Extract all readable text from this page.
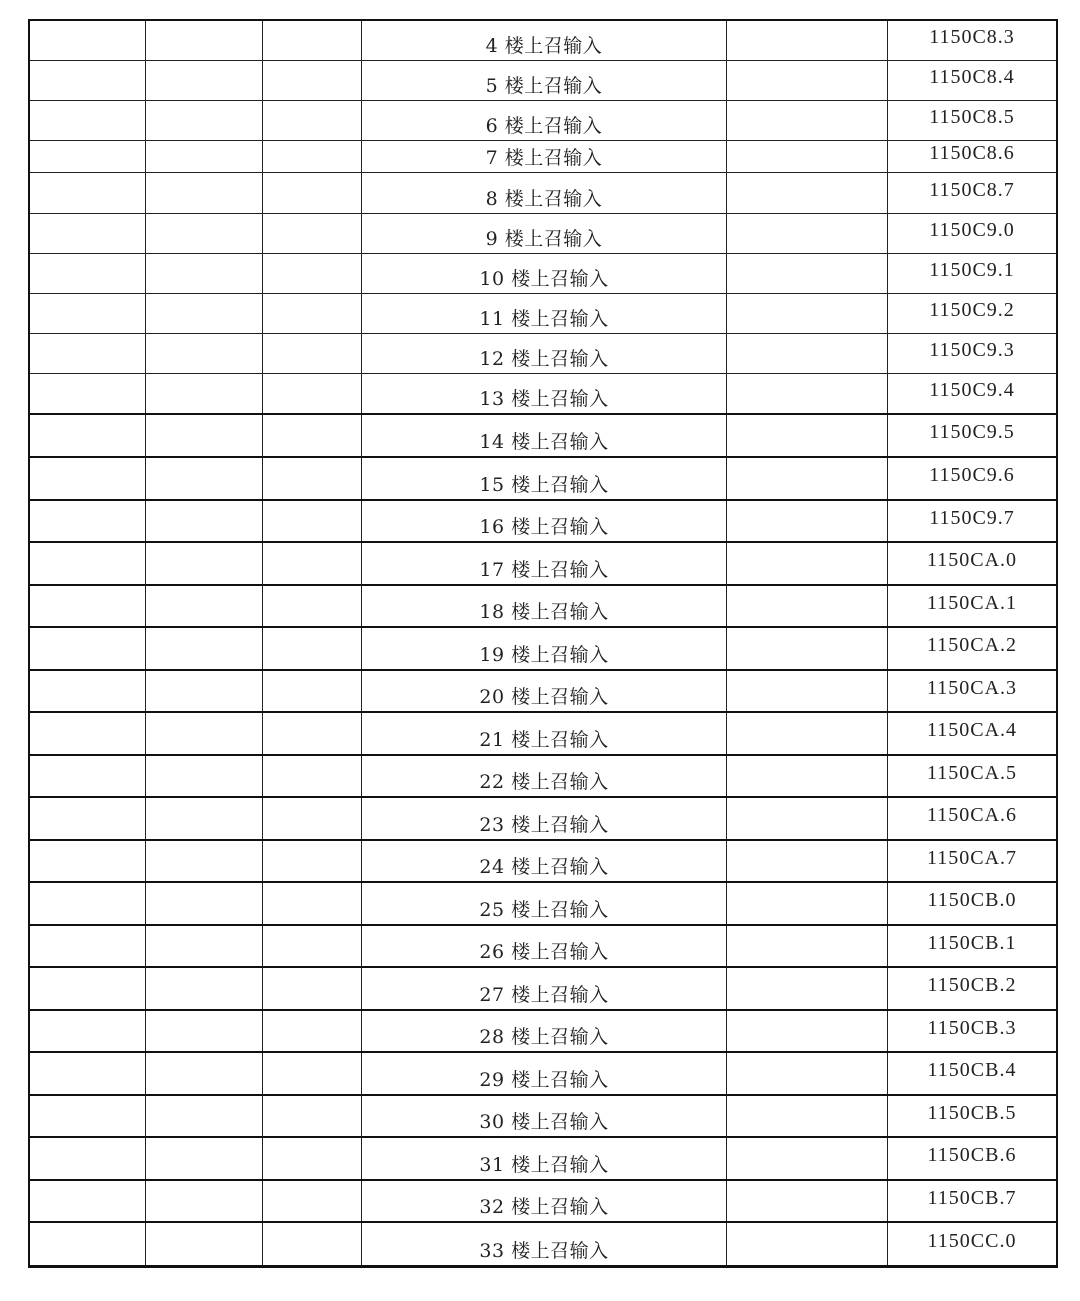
4 楼上召输入	1150C8.3
5 楼上召输入	1150C8.4
6 楼上召输入	1150C8.5
7 楼上召输入	1150C8.6
8 楼上召输入	1150C8.7
9 楼上召输入	1150C9.0
10 楼上召输入	1150C9.1
11 楼上召输入	1150C9.2
12 楼上召输入	1150C9.3
13 楼上召输入	1150C9.4
14 楼上召输入	1150C9.5
15 楼上召输入	1150C9.6
16 楼上召输入	1150C9.7
17 楼上召输入	1150CA.0
18 楼上召输入	1150CA.1
19 楼上召输入	1150CA.2
20 楼上召输入	1150CA.3
21 楼上召输入	1150CA.4
22 楼上召输入	1150CA.5
23 楼上召输入	1150CA.6
24 楼上召输入	1150CA.7
25 楼上召输入	1150CB.0
26 楼上召输入	1150CB.1
27 楼上召输入	1150CB.2
28 楼上召输入	1150CB.3
29 楼上召输入	1150CB.4
30 楼上召输入	1150CB.5
31 楼上召输入	1150CB.6
32 楼上召输入	1150CB.7
33 楼上召输入	1150CC.0
